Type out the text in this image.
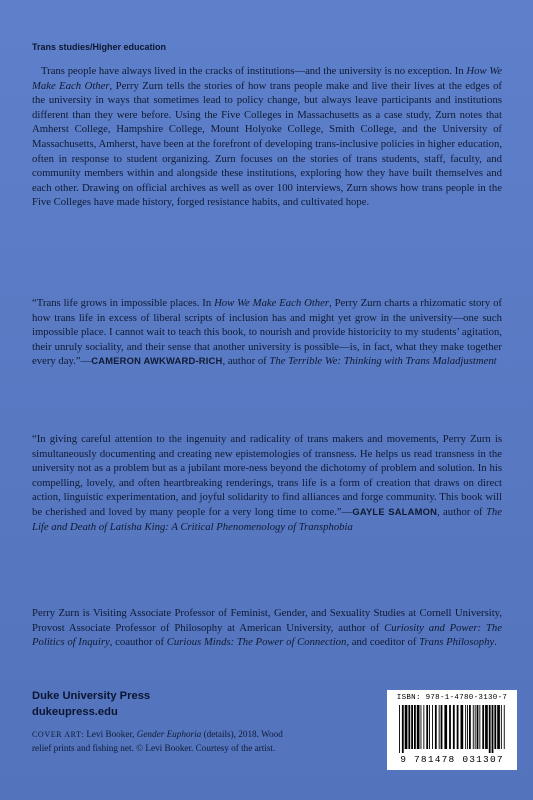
Trans studies/Higher education

Trans people have always lived in the cracks of institutions—and the university is no exception. In How We Make Each Other, Perry Zurn tells the stories of how trans people make and live their lives at the edges of the university in ways that sometimes lead to policy change, but always leave participants and institutions different than they were before. Using the Five Colleges in Massachusetts as a case study, Zurn notes that Amherst College, Hampshire College, Mount Holyoke College, Smith College, and the University of Massachusetts, Amherst, have been at the forefront of developing trans-inclusive policies in higher education, often in response to student organizing. Zurn focuses on the stories of trans students, staff, faculty, and community members within and alongside these institutions, exploring how they have built themselves and each other. Drawing on official archives as well as over 100 interviews, Zurn shows how trans people in the Five Colleges have made history, forged resistance habits, and cultivated hope.

“Trans life grows in impossible places. In How We Make Each Other, Perry Zurn charts a rhizomatic story of how trans life in excess of liberal scripts of inclusion has and might yet grow in the university—one such impossible place. I cannot wait to teach this book, to nourish and provide historicity to my students’ agitation, their unruly sociality, and their sense that another university is possible—is, in fact, what they make together every day.”—CAMERON AWKWARD-RICH, author of The Terrible We: Thinking with Trans Maladjustment

“In giving careful attention to the ingenuity and radicality of trans makers and movements, Perry Zurn is simultaneously documenting and creating new epistemologies of transness. He helps us read transness in the university not as a problem but as a jubilant more-ness beyond the dichotomy of problem and solution. In his compelling, lovely, and often heartbreaking renderings, trans life is a form of creation that draws on direct action, linguistic experimentation, and joyful solidarity to find alliances and forge community. This book will be cherished and loved by many people for a very long time to come.”—GAYLE SALAMON, author of The Life and Death of Latisha King: A Critical Phenomenology of Transphobia

Perry Zurn is Visiting Associate Professor of Feminist, Gender, and Sexuality Studies at Cornell University, Provost Associate Professor of Philosophy at American University, author of Curiosity and Power: The Politics of Inquiry, coauthor of Curious Minds: The Power of Connection, and coeditor of Trans Philosophy.

Duke University Press
dukeupress.edu
COVER ART: Levi Booker, Gender Euphoria (details), 2018. Wood relief prints and fishing net. © Levi Booker. Courtesy of the artist.
ISBN: 978-1-4780-3130-7
9 781478 031307
